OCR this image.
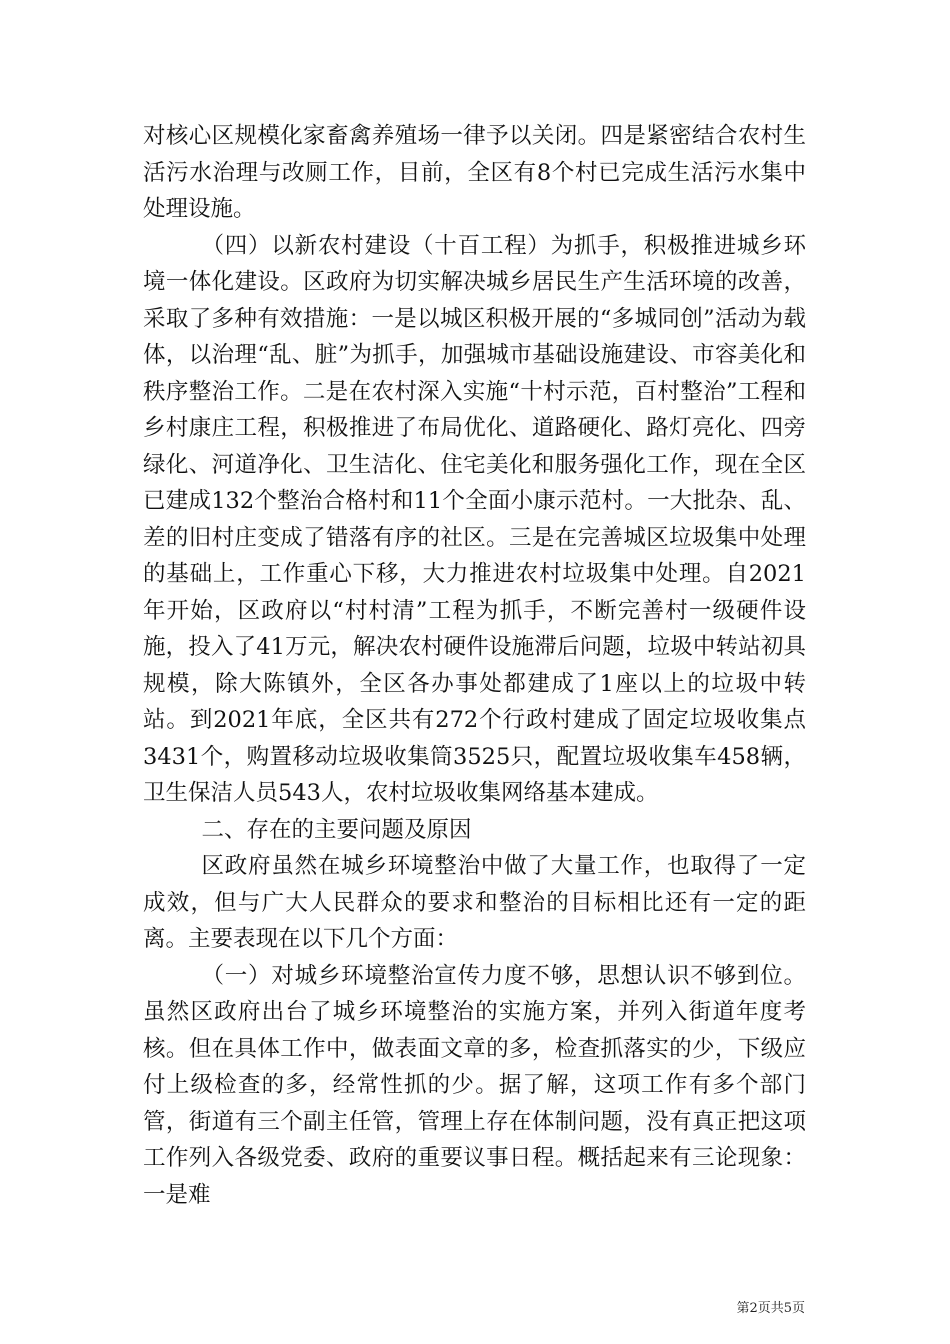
对核心区规模化家畜禽养殖场一律予以关闭。四是紧密结合农村生活污水治理与改厕工作，目前，全区有8个村已完成生活污水集中处理设施。

（四）以新农村建设（十百工程）为抓手，积极推进城乡环境一体化建设。区政府为切实解决城乡居民生产生活环境的改善，采取了多种有效措施：一是以城区积极开展的“多城同创”活动为载体，以治理“乱、脏”为抓手，加强城市基础设施建设、市容美化和秩序整治工作。二是在农村深入实施“十村示范，百村整治”工程和乡村康庄工程，积极推进了布局优化、道路硬化、路灯亮化、四旁绿化、河道净化、卫生洁化、住宅美化和服务强化工作，现在全区已建成132个整治合格村和11个全面小康示范村。一大批杂、乱、差的旧村庄变成了错落有序的社区。三是在完善城区垃圾集中处理的基础上，工作重心下移，大力推进农村垃圾集中处理。自2021年开始，区政府以“村村清”工程为抓手，不断完善村一级硬件设施，投入了41万元，解决农村硬件设施滞后问题，垃圾中转站初具规模，除大陈镇外，全区各办事处都建成了1座以上的垃圾中转站。到2021年底，全区共有272个行政村建成了固定垃圾收集点3431个，购置移动垃圾收集筒3525只，配置垃圾收集车458辆，卫生保洁人员543人，农村垃圾收集网络基本建成。

二、存在的主要问题及原因

区政府虽然在城乡环境整治中做了大量工作，也取得了一定成效，但与广大人民群众的要求和整治的目标相比还有一定的距离。主要表现在以下几个方面：

（一）对城乡环境整治宣传力度不够，思想认识不够到位。虽然区政府出台了城乡环境整治的实施方案，并列入街道年度考核。但在具体工作中，做表面文章的多，检查抓落实的少，下级应付上级检查的多，经常性抓的少。据了解，这项工作有多个部门管，街道有三个副主任管，管理上存在体制问题，没有真正把这项工作列入各级党委、政府的重要议事日程。概括起来有三论现象：一是难

第2页共5页
